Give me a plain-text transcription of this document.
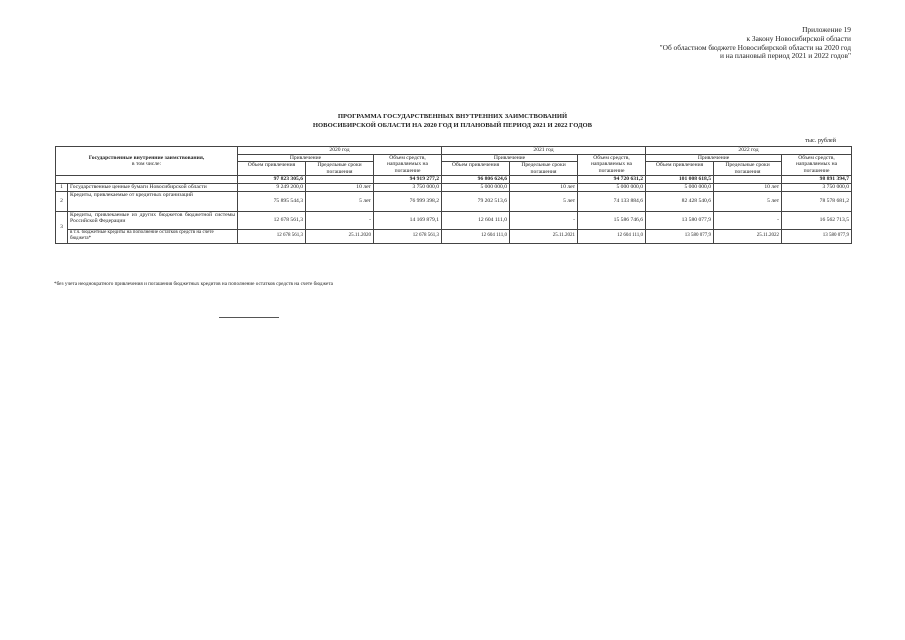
Приложение 19
к Закону Новосибирской области
"Об областном бюджете Новосибирской области на 2020 год
и на плановый период 2021 и 2022 годов"
ПРОГРАММА ГОСУДАРСТВЕННЫХ ВНУТРЕННИХ ЗАИМСТВОВАНИЙ
НОВОСИБИРСКОЙ ОБЛАСТИ НА 2020 ГОД И ПЛАНОВЫЙ ПЕРИОД 2021 И 2022 ГОДОВ
тыс. рублей
Государственные внутренние заимствования,
в том числе:		2020 год			2021 год			2022 год		
		Привлечение		Объем средств, направляемых на погашение	Привлечение		Объем средств, направляемых на погашение	Привлечение		Объем средств, направляемых на погашение
		Объем привлечения	Предельные сроки погашения		Объем привлечения	Предельные сроки погашения		Объем привлечения	Предельные сроки погашения	
		97 823 305,6		94 919 277,2	96 806 624,6		94 720 631,2	101 008 618,5		98 891 394,7
1	Государственные ценные бумаги Новосибирской области	9 249 200,0	10 лет	3 750 000,0	5 000 000,0	10 лет	5 000 000,0	5 000 000,0	10 лет	3 750 000,0
2	Кредиты, привлекаемые от кредитных организаций	75 895 544,3	5 лет	76 999 398,2	79 202 513,6	5 лет	74 133 884,6	82 428 540,6	5 лет	78 578 681,2
3	Кредиты, привлекаемые из других бюджетов бюджетной системы Российской Федерации	12 678 561,3	-	14 169 879,1	12 604 111,0	-	15 586 746,6	13 580 077,9	-	16 562 713,5
	в т.ч. бюджетные кредиты на пополнение остатков средств на счете бюджета*	12 678 561,3	25.11.2020	12 678 561,3	12 604 111,0	25.11.2021	12 604 111,0	13 580 077,9	25.11.2022	13 580 077,9
*без учета неоднократного привлечения и погашения бюджетных кредитов на пополнение остатков средств на счете бюджета
